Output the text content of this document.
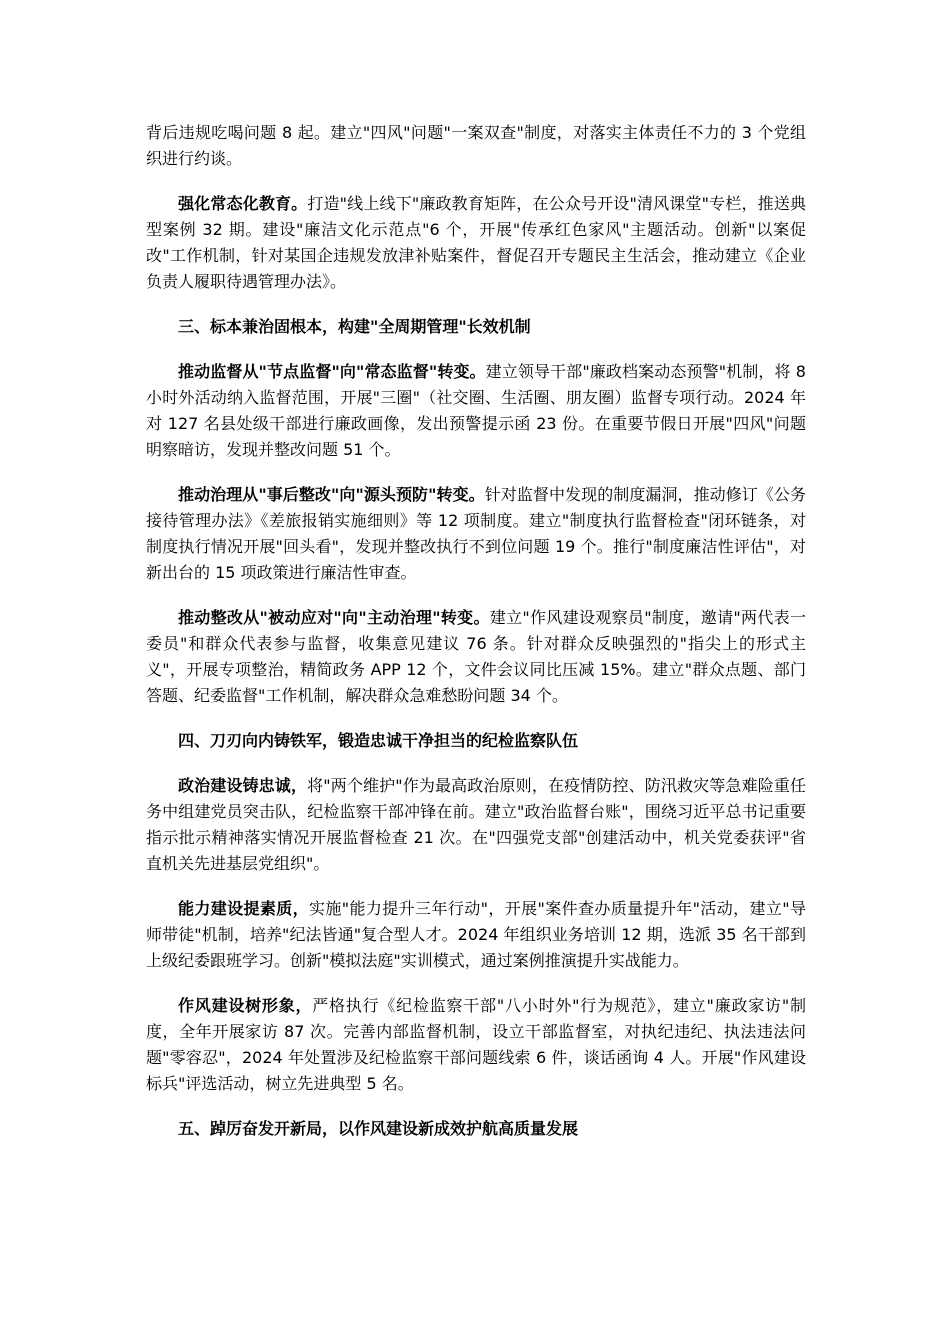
背后违规吃喝问题 8 起。建立"四风"问题"一案双查"制度，对落实主体责任不力的 3 个党组织进行约谈。

强化常态化教育。打造"线上线下"廉政教育矩阵，在公众号开设"清风课堂"专栏，推送典型案例 32 期。建设"廉洁文化示范点"6 个，开展"传承红色家风"主题活动。创新"以案促改"工作机制，针对某国企违规发放津补贴案件，督促召开专题民主生活会，推动建立《企业负责人履职待遇管理办法》。

三、标本兼治固根本，构建"全周期管理"长效机制

推动监督从"节点监督"向"常态监督"转变。建立领导干部"廉政档案动态预警"机制，将 8 小时外活动纳入监督范围，开展"三圈"（社交圈、生活圈、朋友圈）监督专项行动。2024 年对 127 名县处级干部进行廉政画像，发出预警提示函 23 份。在重要节假日开展"四风"问题明察暗访，发现并整改问题 51 个。

推动治理从"事后整改"向"源头预防"转变。针对监督中发现的制度漏洞，推动修订《公务接待管理办法》《差旅报销实施细则》等 12 项制度。建立"制度执行监督检查"闭环链条，对制度执行情况开展"回头看"，发现并整改执行不到位问题 19 个。推行"制度廉洁性评估"，对新出台的 15 项政策进行廉洁性审查。

推动整改从"被动应对"向"主动治理"转变。建立"作风建设观察员"制度，邀请"两代表一委员"和群众代表参与监督，收集意见建议 76 条。针对群众反映强烈的"指尖上的形式主义"，开展专项整治，精简政务 APP 12 个，文件会议同比压减 15%。建立"群众点题、部门答题、纪委监督"工作机制，解决群众急难愁盼问题 34 个。

四、刀刃向内铸铁军，锻造忠诚干净担当的纪检监察队伍

政治建设铸忠诚，将"两个维护"作为最高政治原则，在疫情防控、防汛救灾等急难险重任务中组建党员突击队，纪检监察干部冲锋在前。建立"政治监督台账"，围绕习近平总书记重要指示批示精神落实情况开展监督检查 21 次。在"四强党支部"创建活动中，机关党委获评"省直机关先进基层党组织"。

能力建设提素质，实施"能力提升三年行动"，开展"案件查办质量提升年"活动，建立"导师带徒"机制，培养"纪法皆通"复合型人才。2024 年组织业务培训 12 期，选派 35 名干部到上级纪委跟班学习。创新"模拟法庭"实训模式，通过案例推演提升实战能力。

作风建设树形象，严格执行《纪检监察干部"八小时外"行为规范》，建立"廉政家访"制度，全年开展家访 87 次。完善内部监督机制，设立干部监督室，对执纪违纪、执法违法问题"零容忍"，2024 年处置涉及纪检监察干部问题线索 6 件，谈话函询 4 人。开展"作风建设标兵"评选活动，树立先进典型 5 名。

五、踔厉奋发开新局，以作风建设新成效护航高质量发展
